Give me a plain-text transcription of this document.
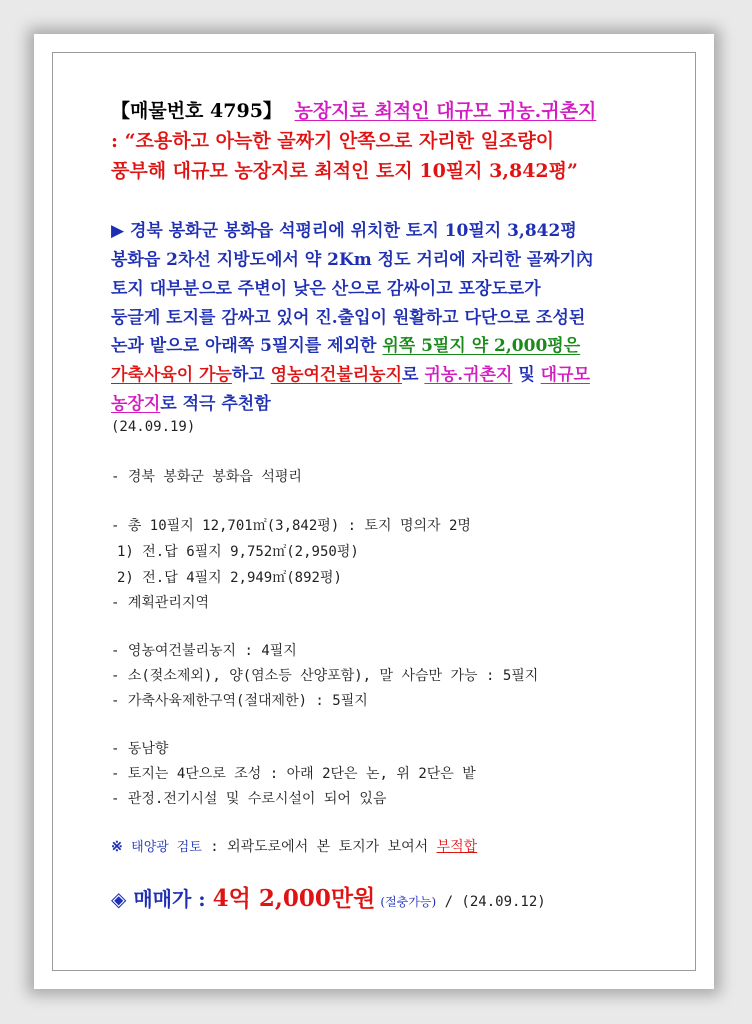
【매물번호 4795】 농장지로 최적인 대규모 귀농.귀촌지
: “조용하고 아늑한 골짜기 안쪽으로 자리한 일조량이
풍부해 대규모 농장지로 최적인 토지 10필지 3,842평”
▶ 경북 봉화군 봉화읍 석평리에 위치한 토지 10필지 3,842평
봉화읍 2차선 지방도에서 약 2Km 정도 거리에 자리한 골짜기內
토지 대부분으로 주변이 낮은 산으로 감싸이고 포장도로가
둥글게 토지를 감싸고 있어 진.출입이 원활하고 다단으로 조성된
논과 밭으로 아래쪽 5필지를 제외한 위쪽 5필지 약 2,000평은
가축사육이 가능하고 영농여건불리농지로 귀농.귀촌지 및 대규모
농장지로 적극 추천함
(24.09.19)
- 경북 봉화군 봉화읍 석평리
- 총 10필지 12,701㎡(3,842평) : 토지 명의자 2명
1) 전.답 6필지 9,752㎡(2,950평)
2) 전.답 4필지 2,949㎡(892평)
- 계획관리지역
- 영농여건불리농지 : 4필지
- 소(젖소제외), 양(염소등 산양포함), 말 사슴만 가능 : 5필지
- 가축사육제한구역(절대제한) : 5필지
- 동남향
- 토지는 4단으로 조성 : 아래 2단은 논, 위 2단은 밭
- 관정.전기시설 및 수로시설이 되어 있음
※ 태양광 검토 : 외곽도로에서 본 토지가 보여서 부적합
◈ 매매가 : 4억 2,000만원 (절충가능) / (24.09.12)
